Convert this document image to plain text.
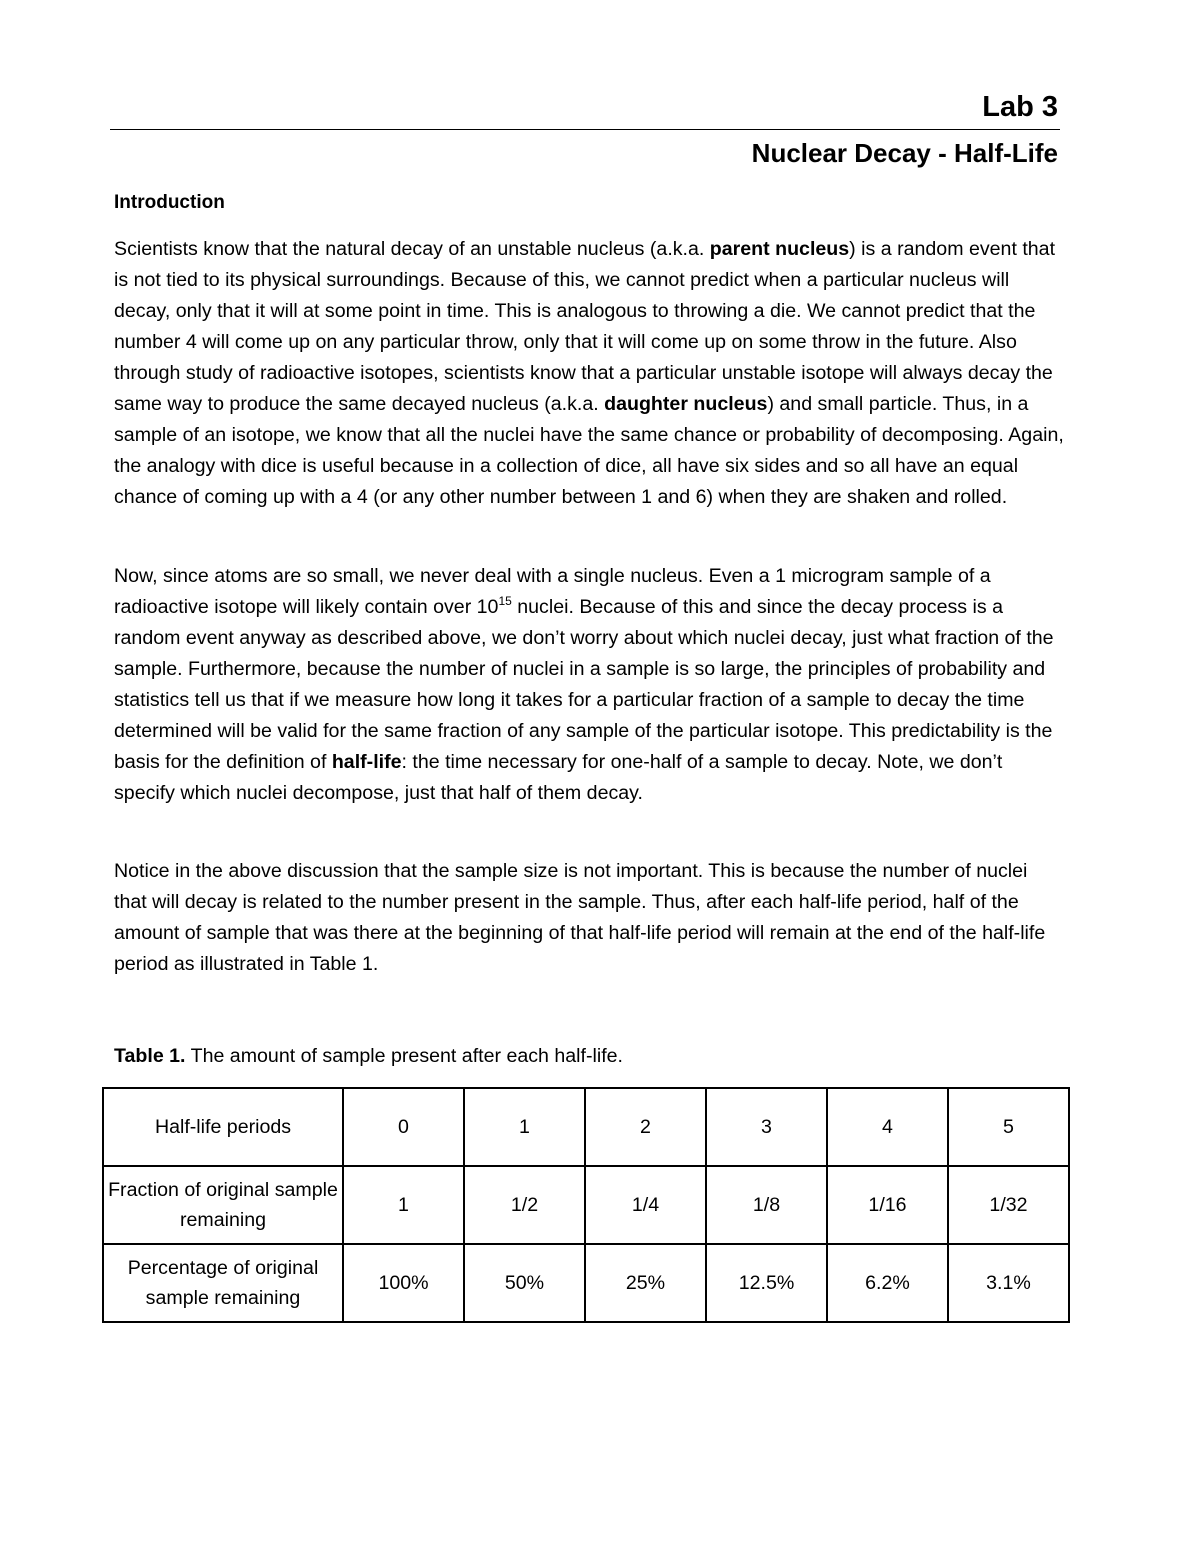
Lab 3
Nuclear Decay - Half-Life
Introduction

Scientists know that the natural decay of an unstable nucleus (a.k.a. parent nucleus) is a random event that is not tied to its physical surroundings. Because of this, we cannot predict when a particular nucleus will decay, only that it will at some point in time. This is analogous to throwing a die. We cannot predict that the number 4 will come up on any particular throw, only that it will come up on some throw in the future. Also through study of radioactive isotopes, scientists know that a particular unstable isotope will always decay the same way to produce the same decayed nucleus (a.k.a. daughter nucleus) and small particle. Thus, in a sample of an isotope, we know that all the nuclei have the same chance or probability of decomposing. Again, the analogy with dice is useful because in a collection of dice, all have six sides and so all have an equal chance of coming up with a 4 (or any other number between 1 and 6) when they are shaken and rolled.

Now, since atoms are so small, we never deal with a single nucleus. Even a 1 microgram sample of a radioactive isotope will likely contain over $10^{15}$ nuclei. Because of this and since the decay process is a random event anyway as described above, we don’t worry about which nuclei decay, just what fraction of the sample. Furthermore, because the number of nuclei in a sample is so large, the principles of probability and statistics tell us that if we measure how long it takes for a particular fraction of a sample to decay the time determined will be valid for the same fraction of any sample of the particular isotope. This predictability is the basis for the definition of half-life: the time necessary for one-half of a sample to decay. Note, we don’t specify which nuclei decompose, just that half of them decay.

Notice in the above discussion that the sample size is not important. This is because the number of nuclei that will decay is related to the number present in the sample. Thus, after each half-life period, half of the amount of sample that was there at the beginning of that half-life period will remain at the end of the half-life period as illustrated in Table 1.

Table 1. The amount of sample present after each half-life.
Half-life periods	0	1	2	3	4	5
Fraction of original sample remaining	1	1/2	1/4	1/8	1/16	1/32
Percentage of original sample remaining	100%	50%	25%	12.5%	6.2%	3.1%
